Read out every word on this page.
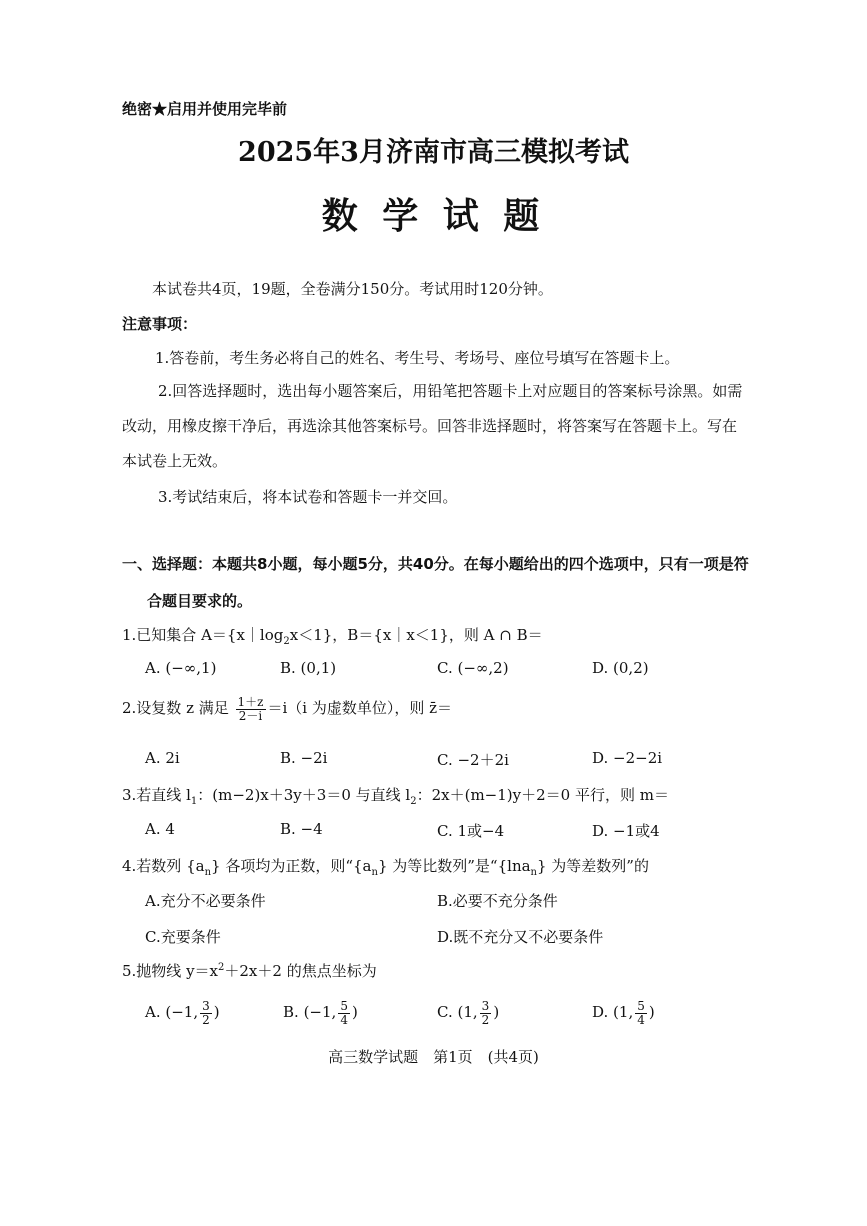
绝密★启用并使用完毕前
2025年3月济南市高三模拟考试
数 学 试 题
本试卷共4页，19题，全卷满分150分。考试用时120分钟。
注意事项：
1.答卷前，考生务必将自己的姓名、考生号、考场号、座位号填写在答题卡上。
2.回答选择题时，选出每小题答案后，用铅笔把答题卡上对应题目的答案标号涂黑。如需
改动，用橡皮擦干净后，再选涂其他答案标号。回答非选择题时，将答案写在答题卡上。写在
本试卷上无效。
3.考试结束后，将本试卷和答题卡一并交回。
一、选择题：本题共8小题，每小题5分，共40分。在每小题给出的四个选项中，只有一项是符
合题目要求的。
1.已知集合 $A=\{x|\log_2x<1\}$，B＝{x｜x＜1}，则 A ∩ B＝
A. (−∞,1)	B. (0,1)	C. (−∞,2)	D. (0,2)
2.设复数 z 满足 $\frac{1+z}{2-i} =i(i$ 为虚数单位），则 z̄＝
A. 2i	B. −2i	C. −2＋2i	D. −2−2i
3.若直线 $l_1$：(m−2)x＋3y＋3＝0 与直线 $l_2$：2x＋(m−1)y＋2＝0 平行，则 m＝
A. 4	B. −4	C. 1或−4	D. −1或4
4.若数列 $\{a_n\}$ 各项均为正数，则“$\{a_n\}$ 为等比数列”是“{lna$_n$} 为等差数列”的
A.充分不必要条件	B.必要不充分条件
C.充要条件	D.既不充分又不必要条件
5.抛物线 $y=x^2+2x+2$ 的焦点坐标为
A. (−1, $\frac{3}{2}$ )	B. (−1, $\frac{5}{4}$ )	C. (1, $\frac{3}{2}$ )	D. (1, $\frac{5}{4}$ )
高三数学试题　第1页　(共4页)
